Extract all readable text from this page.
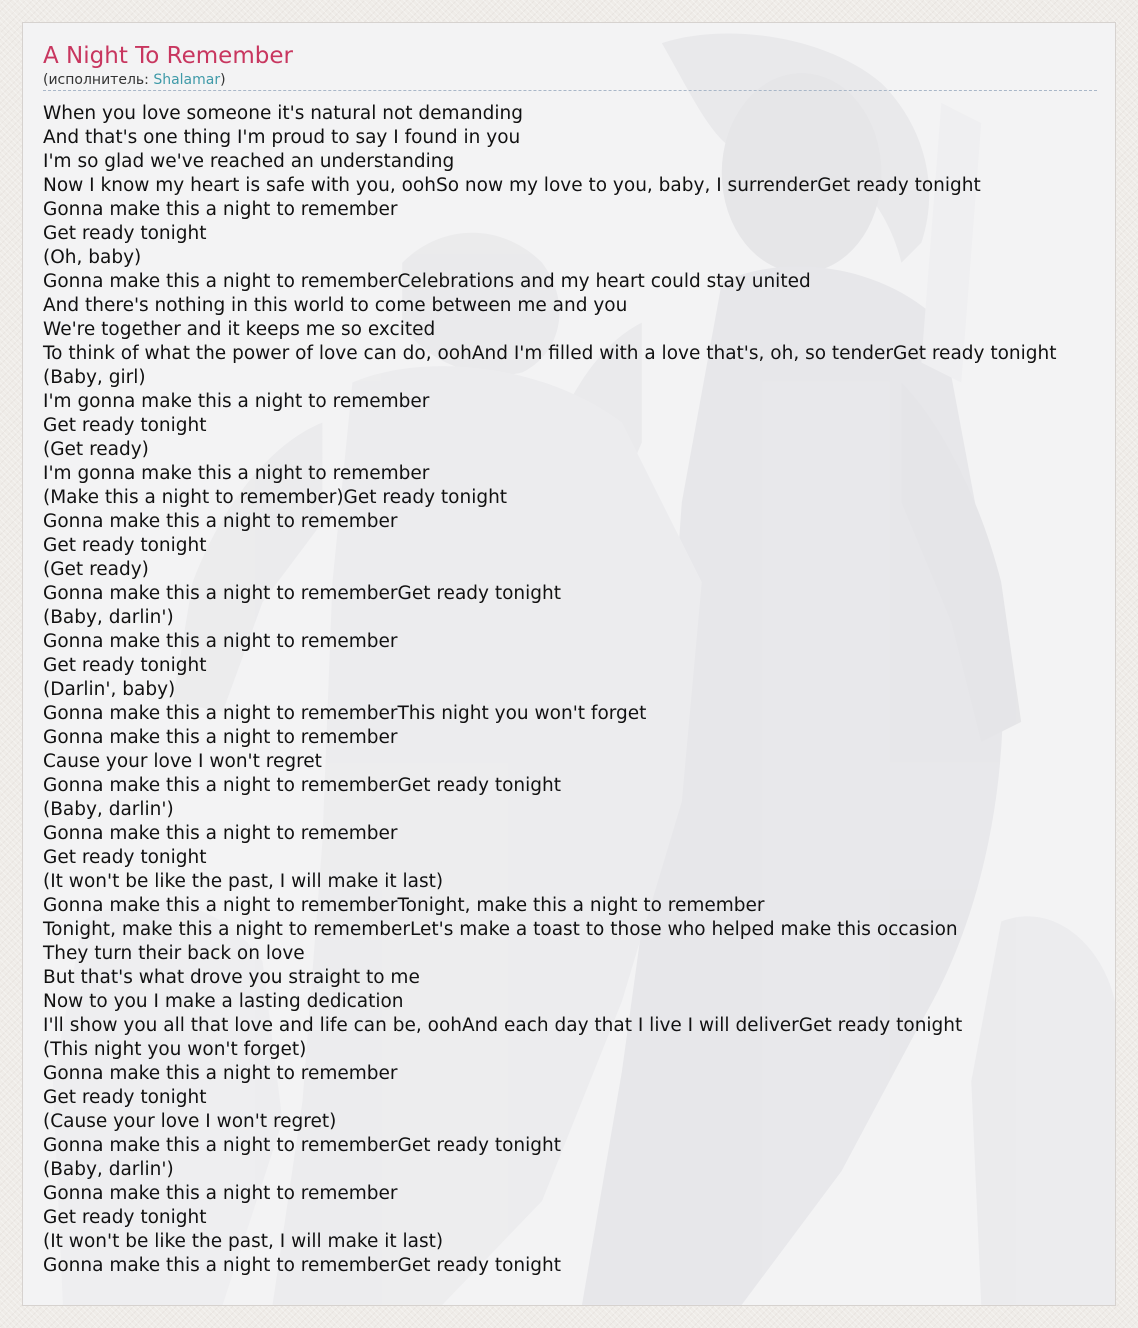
A Night To Remember
(исполнитель: Shalamar)
When you love someone it's natural not demanding
And that's one thing I'm proud to say I found in you
I'm so glad we've reached an understanding
Now I know my heart is safe with you, oohSo now my love to you, baby, I surrenderGet ready tonight
Gonna make this a night to remember
Get ready tonight
(Oh, baby)
Gonna make this a night to rememberCelebrations and my heart could stay united
And there's nothing in this world to come between me and you
We're together and it keeps me so excited
To think of what the power of love can do, oohAnd I'm filled with a love that's, oh, so tenderGet ready tonight
(Baby, girl)
I'm gonna make this a night to remember
Get ready tonight
(Get ready)
I'm gonna make this a night to remember
(Make this a night to remember)Get ready tonight
Gonna make this a night to remember
Get ready tonight
(Get ready)
Gonna make this a night to rememberGet ready tonight
(Baby, darlin')
Gonna make this a night to remember
Get ready tonight
(Darlin', baby)
Gonna make this a night to rememberThis night you won't forget
Gonna make this a night to remember
Cause your love I won't regret
Gonna make this a night to rememberGet ready tonight
(Baby, darlin')
Gonna make this a night to remember
Get ready tonight
(It won't be like the past, I will make it last)
Gonna make this a night to rememberTonight, make this a night to remember
Tonight, make this a night to rememberLet's make a toast to those who helped make this occasion
They turn their back on love
But that's what drove you straight to me
Now to you I make a lasting dedication
I'll show you all that love and life can be, oohAnd each day that I live I will deliverGet ready tonight
(This night you won't forget)
Gonna make this a night to remember
Get ready tonight
(Cause your love I won't regret)
Gonna make this a night to rememberGet ready tonight
(Baby, darlin')
Gonna make this a night to remember
Get ready tonight
(It won't be like the past, I will make it last)
Gonna make this a night to rememberGet ready tonight
